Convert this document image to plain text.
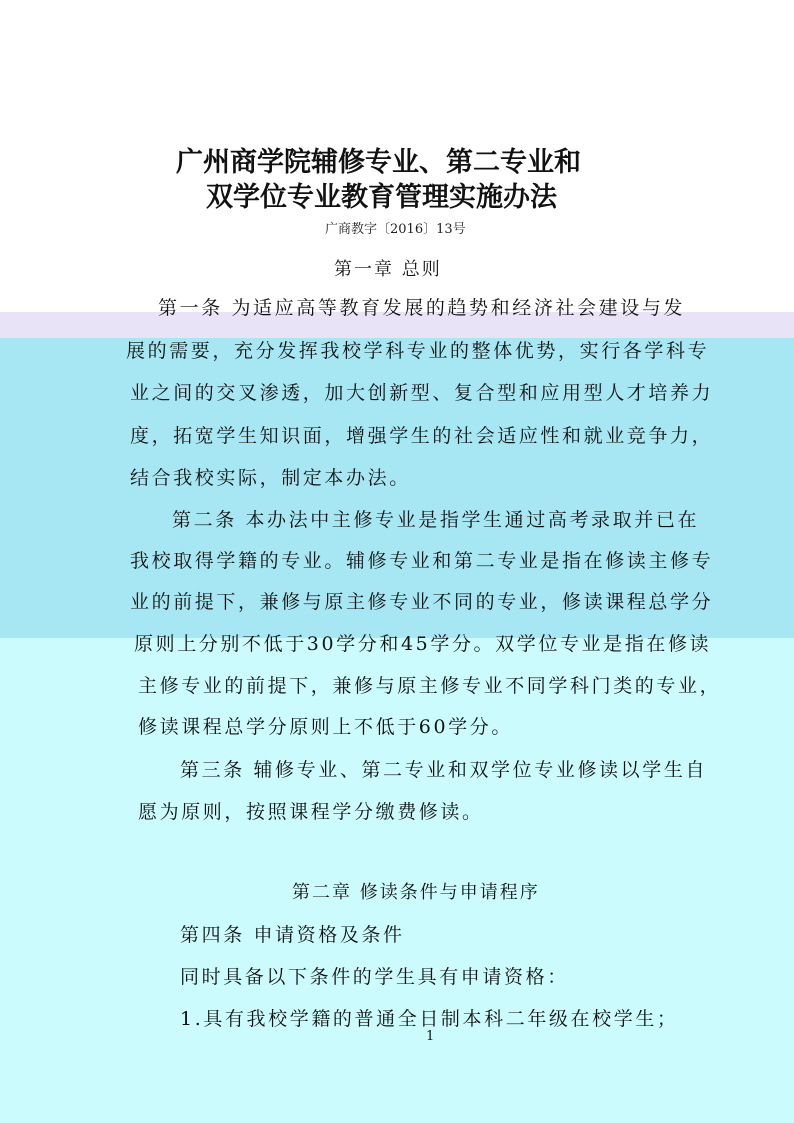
广州商学院辅修专业、第二专业和
双学位专业教育管理实施办法
广商教字〔2016〕13号
第一章 总则
第一条 为适应高等教育发展的趋势和经济社会建设与发
展的需要，充分发挥我校学科专业的整体优势，实行各学科专
业之间的交叉渗透，加大创新型、复合型和应用型人才培养力
度，拓宽学生知识面，增强学生的社会适应性和就业竞争力，
结合我校实际，制定本办法。
第二条 本办法中主修专业是指学生通过高考录取并已在
我校取得学籍的专业。辅修专业和第二专业是指在修读主修专
业的前提下，兼修与原主修专业不同的专业，修读课程总学分
原则上分别不低于30学分和45学分。双学位专业是指在修读
主修专业的前提下，兼修与原主修专业不同学科门类的专业，
修读课程总学分原则上不低于60学分。
第三条 辅修专业、第二专业和双学位专业修读以学生自
愿为原则，按照课程学分缴费修读。
第二章 修读条件与申请程序
第四条 申请资格及条件
同时具备以下条件的学生具有申请资格：
1.具有我校学籍的普通全日制本科二年级在校学生；
1
